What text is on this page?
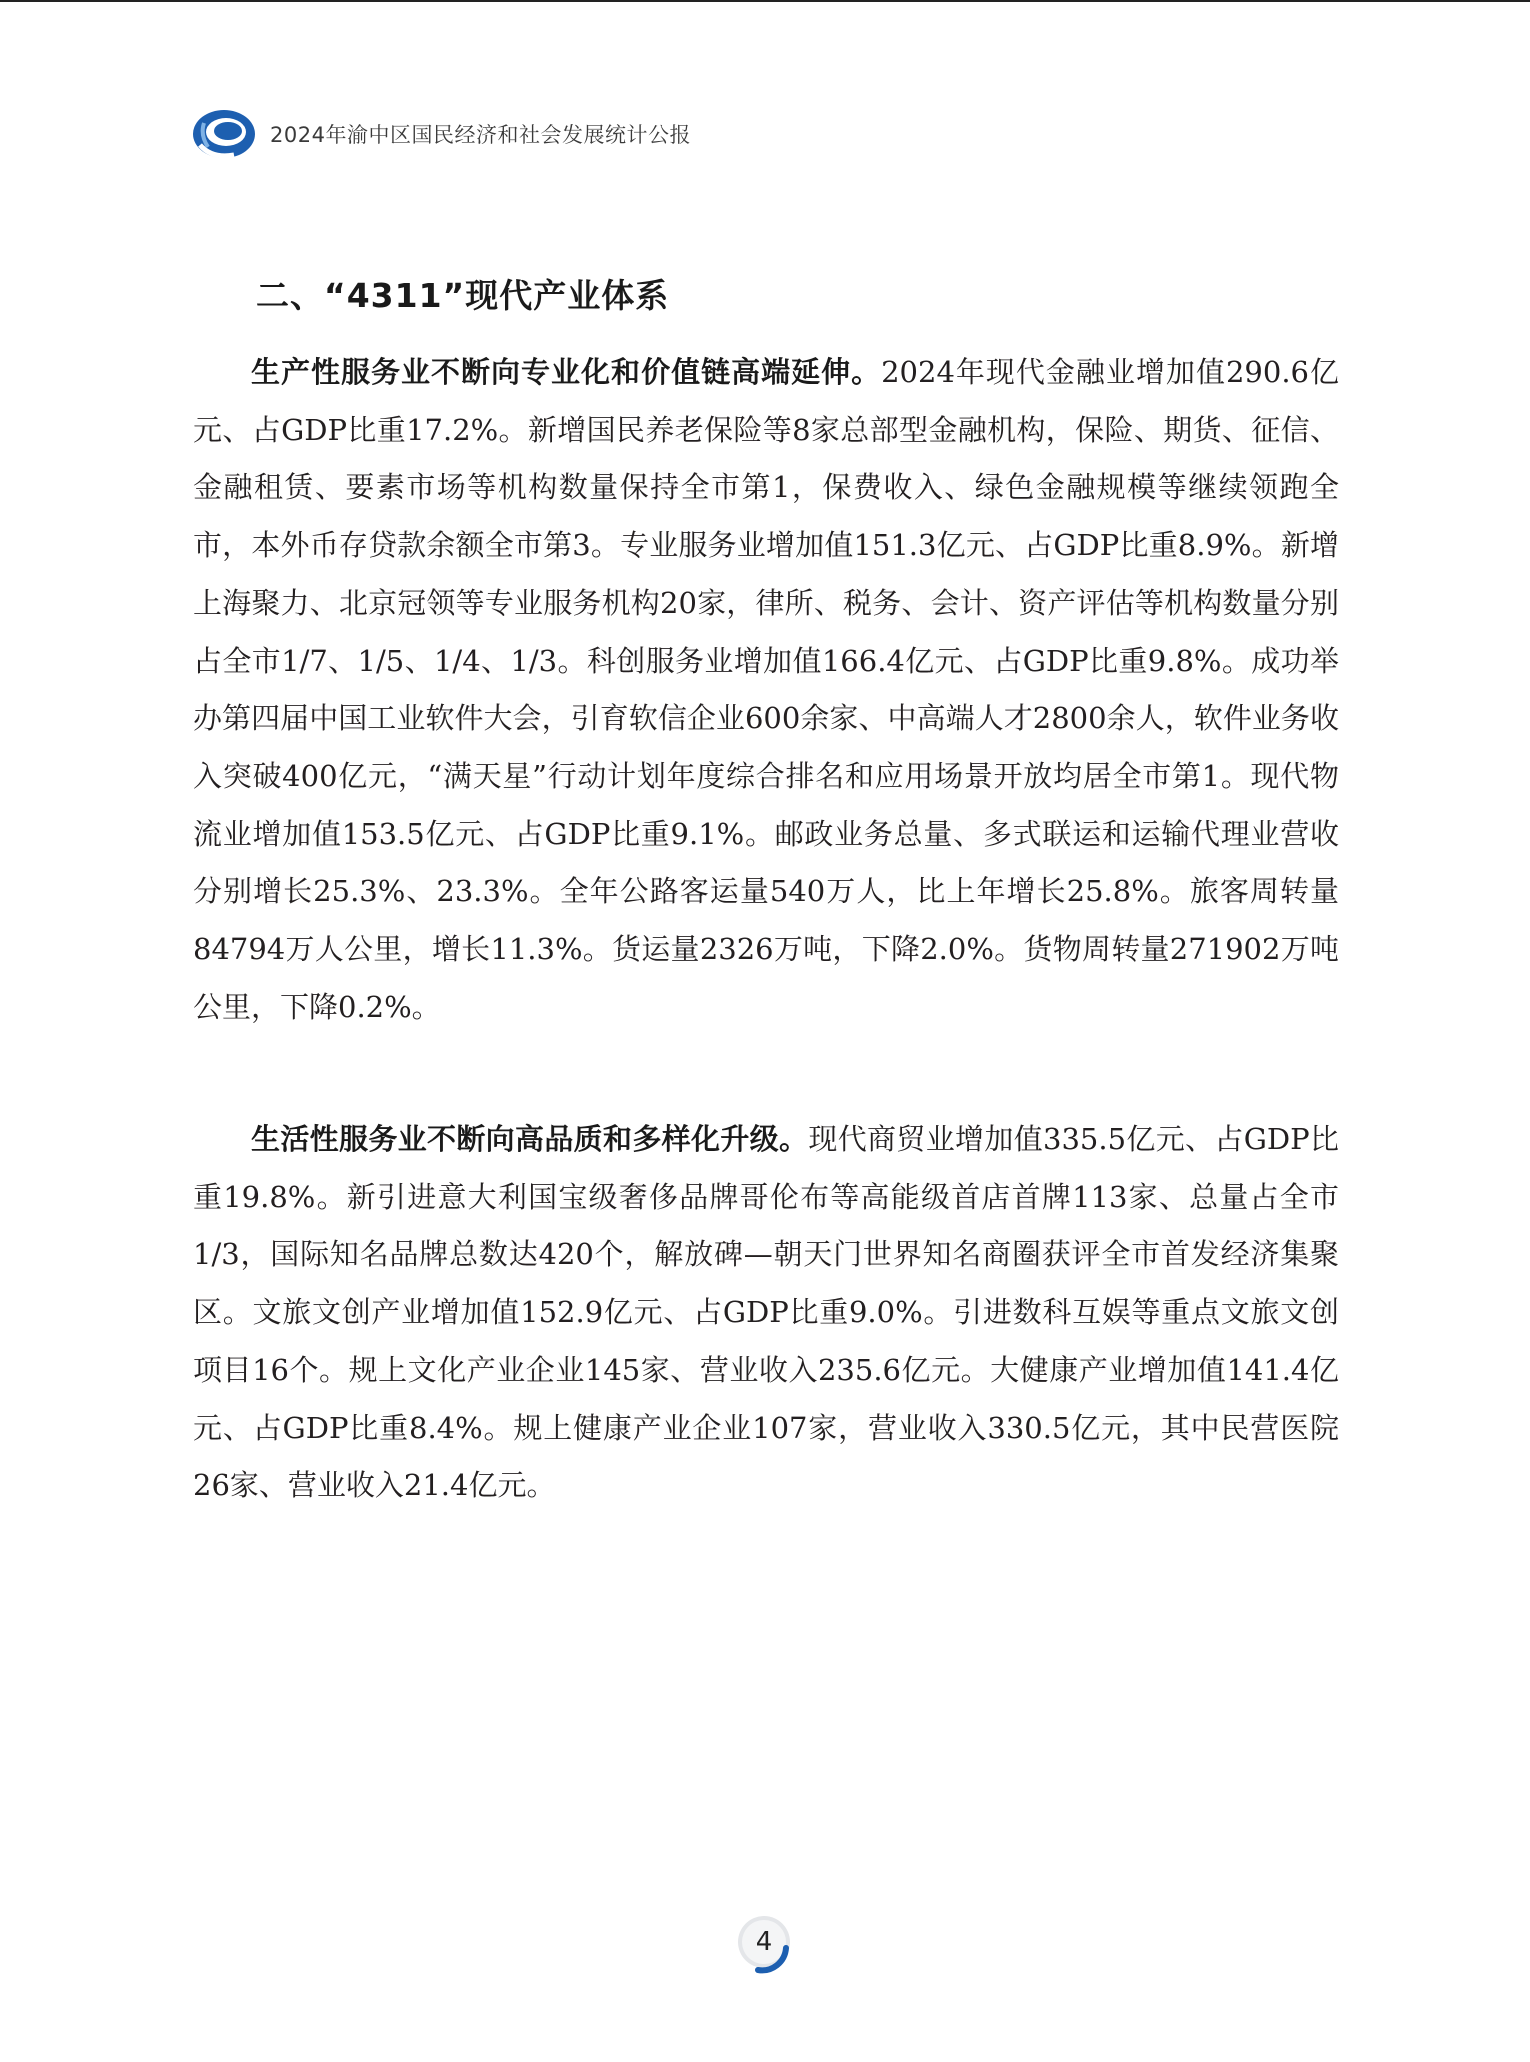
2024年渝中区国民经济和社会发展统计公报
二、“4311”现代产业体系

生产性服务业不断向专业化和价值链高端延伸。2024年现代金融业增加值290.6亿元、占GDP比重17.2%。新增国民养老保险等8家总部型金融机构，保险、期货、征信、金融租赁、要素市场等机构数量保持全市第1，保费收入、绿色金融规模等继续领跑全市，本外币存贷款余额全市第3。专业服务业增加值151.3亿元、占GDP比重8.9%。新增上海聚力、北京冠领等专业服务机构20家，律所、税务、会计、资产评估等机构数量分别占全市1/7、1/5、1/4、1/3。科创服务业增加值166.4亿元、占GDP比重9.8%。成功举办第四届中国工业软件大会，引育软信企业600余家、中高端人才2800余人，软件业务收入突破400亿元，“满天星”行动计划年度综合排名和应用场景开放均居全市第1。现代物流业增加值153.5亿元、占GDP比重9.1%。邮政业务总量、多式联运和运输代理业营收分别增长25.3%、23.3%。全年公路客运量540万人，比上年增长25.8%。旅客周转量84794万人公里，增长11.3%。货运量2326万吨，下降2.0%。货物周转量271902万吨公里，下降0.2%。

生活性服务业不断向高品质和多样化升级。现代商贸业增加值335.5亿元、占GDP比重19.8%。新引进意大利国宝级奢侈品牌哥伦布等高能级首店首牌113家、总量占全市1/3，国际知名品牌总数达420个，解放碑—朝天门世界知名商圈获评全市首发经济集聚区。文旅文创产业增加值152.9亿元、占GDP比重9.0%。引进数科互娱等重点文旅文创项目16个。规上文化产业企业145家、营业收入235.6亿元。大健康产业增加值141.4亿元、占GDP比重8.4%。规上健康产业企业107家，营业收入330.5亿元，其中民营医院26家、营业收入21.4亿元。

4
